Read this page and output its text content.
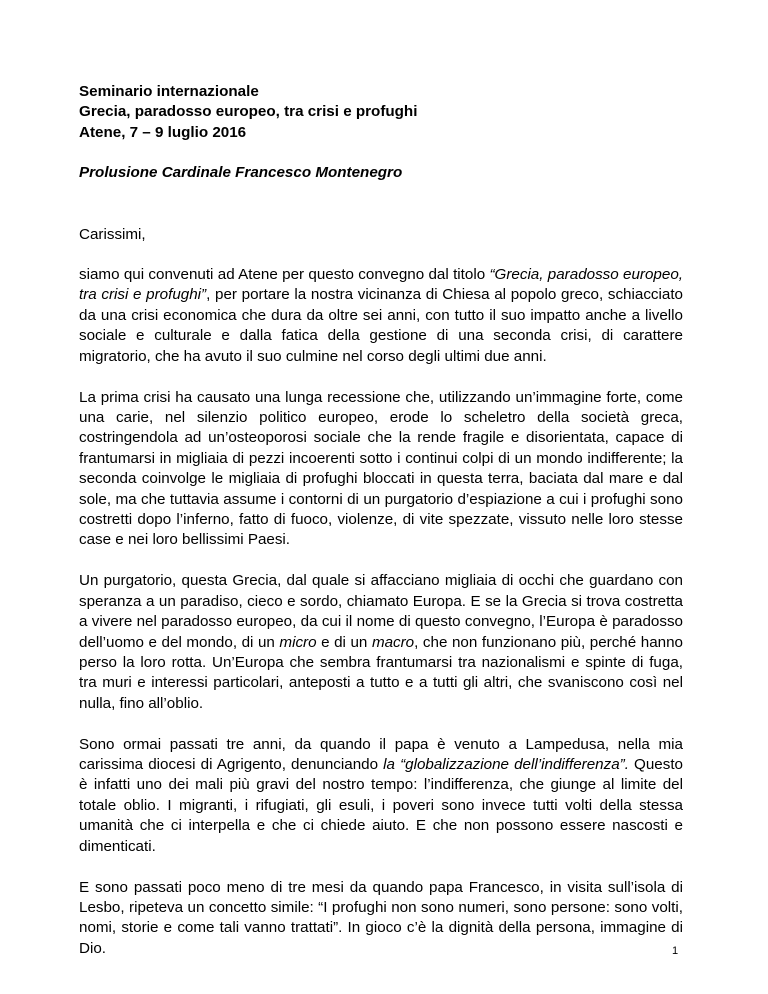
Seminario internazionale

Grecia, paradosso europeo, tra crisi e profughi

Atene, 7 – 9 luglio 2016

Prolusione Cardinale Francesco Montenegro

Carissimi,

siamo qui convenuti ad Atene per questo convegno dal titolo “Grecia, paradosso europeo, tra crisi e profughi”, per portare la nostra vicinanza di Chiesa al popolo greco, schiacciato da una crisi economica che dura da oltre sei anni, con tutto il suo impatto anche a livello sociale e culturale e dalla fatica della gestione di una seconda crisi, di carattere migratorio, che ha avuto il suo culmine nel corso degli ultimi due anni.

La prima crisi ha causato una lunga recessione che, utilizzando un’immagine forte, come una carie, nel silenzio politico europeo, erode lo scheletro della società greca, costringendola ad un’osteoporosi sociale che la rende fragile e disorientata, capace di frantumarsi in migliaia di pezzi incoerenti sotto i continui colpi di un mondo indifferente; la seconda coinvolge le migliaia di profughi bloccati in questa terra, baciata dal mare e dal sole, ma che tuttavia assume i contorni di un purgatorio d’espiazione a cui i profughi sono costretti dopo l’inferno, fatto di fuoco, violenze, di vite spezzate, vissuto nelle loro stesse case e nei loro bellissimi Paesi.

Un purgatorio, questa Grecia, dal quale si affacciano migliaia di occhi che guardano con speranza a un paradiso, cieco e sordo, chiamato Europa. E se la Grecia si trova costretta a vivere nel paradosso europeo, da cui il nome di questo convegno, l’Europa è paradosso dell’uomo e del mondo, di un micro e di un macro, che non funzionano più, perché hanno perso la loro rotta. Un’Europa che sembra frantumarsi tra nazionalismi e spinte di fuga, tra muri e interessi particolari, anteposti a tutto e a tutti gli altri, che svaniscono così nel nulla, fino all’oblio.

Sono ormai passati tre anni, da quando il papa è venuto a Lampedusa, nella mia carissima diocesi di Agrigento, denunciando la “globalizzazione dell’indifferenza”. Questo è infatti uno dei mali più gravi del nostro tempo: l’indifferenza, che giunge al limite del totale oblio. I migranti, i rifugiati, gli esuli, i poveri sono invece tutti volti della stessa umanità che ci interpella e che ci chiede aiuto. E che non possono essere nascosti e dimenticati.

E sono passati poco meno di tre mesi da quando papa Francesco, in visita sull’isola di Lesbo, ripeteva un concetto simile: “I profughi non sono numeri, sono persone: sono volti, nomi, storie e come tali vanno trattati”. In gioco c’è la dignità della persona, immagine di Dio.	1
